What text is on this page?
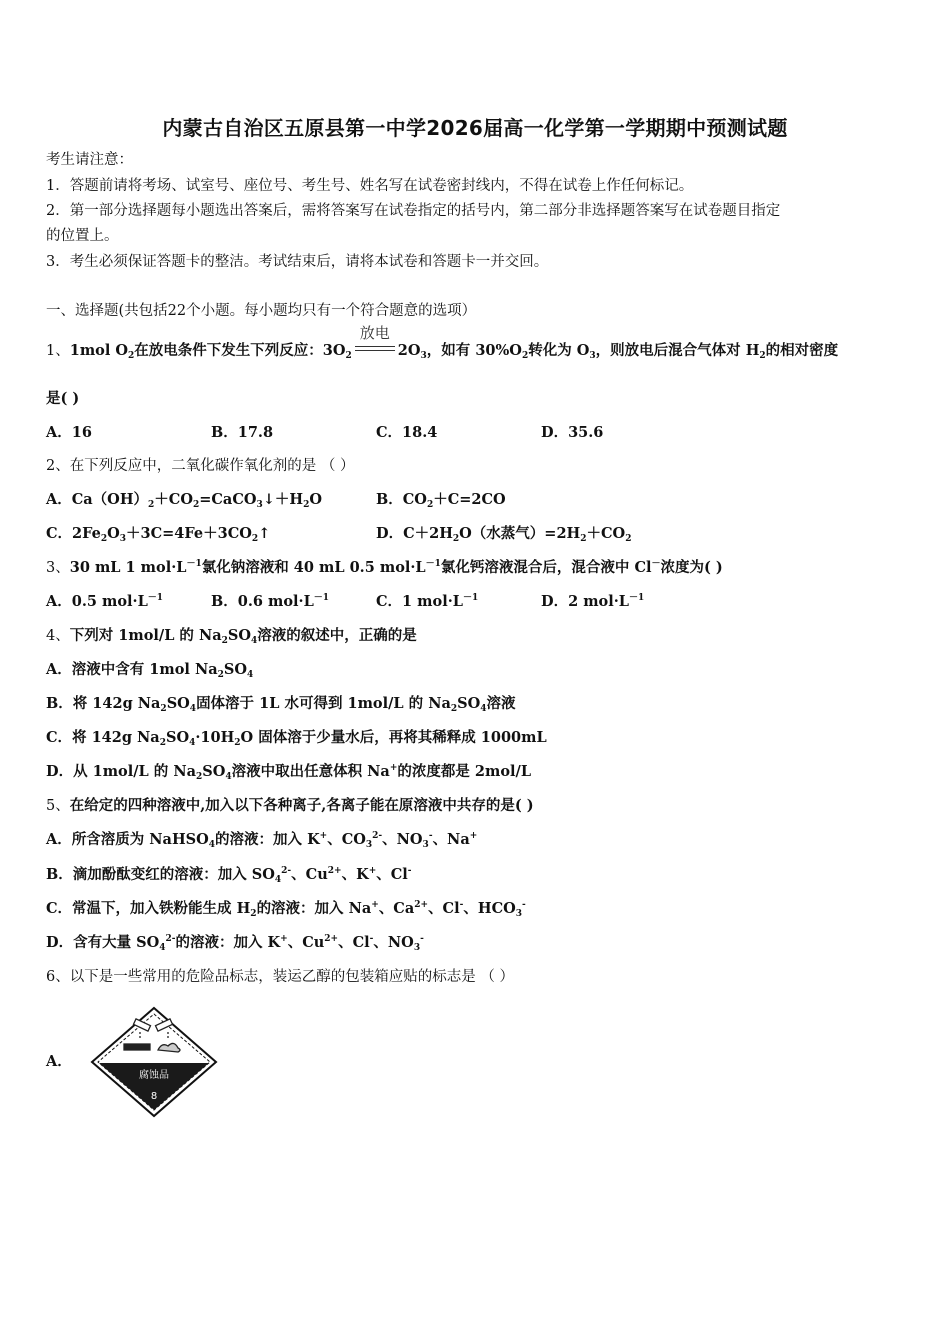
内蒙古自治区五原县第一中学2026届高一化学第一学期期中预测试题
考生请注意：
1．答题前请将考场、试室号、座位号、考生号、姓名写在试卷密封线内，不得在试卷上作任何标记。
2．第一部分选择题每小题选出答案后，需将答案写在试卷指定的括号内，第二部分非选择题答案写在试卷题目指定
的位置上。
3．考生必须保证答题卡的整洁。考试结束后，请将本试卷和答题卡一并交回。
一、选择题(共包括22个小题。每小题均只有一个符合题意的选项）
1、1mol $O_2$在放电条件下发生下列反应：$3O_2$
放电
$2O_3$，如有 $30\%O_2$转化为 $O_3$，则放电后混合气体对 $H_2$的相对密度
是( )
A．16	B．17.8	C．18.4	D．35.6
2、在下列反应中，二氧化碳作氧化剂的是 （ ）
A．$Ca(OH)_2+CO_2=CaCO_3↓+H_2O$	B．$CO_2+C=2CO$
C．$2Fe_2O_3+3C=4Fe+3CO_2↑$	D．$C+2H_2O$（水蒸气）$=2H_2+CO_2$
3、30 mL 1 $mol\cdot L^{-1}$氯化钠溶液和 40 mL 0.5 $mol\cdot L^{-1}$氯化钙溶液混合后，混合液中 Cl－浓度为( )
A．0.5 $mol\cdot L^{-1}$	B．0.6 $mol\cdot L^{-1}$	C．1 $mol\cdot L^{-1}$	D．2 $mol\cdot L^{-1}$
4、下列对 1mol/L 的 $Na_2SO_4$溶液的叙述中，正确的是
A．溶液中含有 1mol $Na_2SO_4$
B．将 142g $Na_2SO_4$固体溶于 1L 水可得到 1mol/L 的 $Na_2SO_4$溶液
C．将 142g $Na_2SO_4\cdot 10H_2O$ 固体溶于少量水后，再将其稀释成 1000mL
D．从 1mol/L 的 $Na_2SO_4$溶液中取出任意体积 Na+的浓度都是 2mol/L
5、在给定的四种溶液中,加入以下各种离子,各离子能在原溶液中共存的是( )
A．所含溶质为 NaHSO$_4$的溶液：加入 K+、$CO_3^{2-}$、$NO_3^-$、Na+
B．滴加酚酞变红的溶液：加入 $SO_4^{2-}$、$Cu^{2+}$、K+、Cl-
C．常温下，加入铁粉能生成 $H_2$的溶液：加入 Na+、$Ca^{2+}$、Cl-、$HCO_3^-$
D．含有大量 $SO_4^{2-}$的溶液：加入 K+、$Cu^{2+}$、Cl-、$NO_3^-$
6、以下是一些常用的危险品标志，装运乙醇的包装箱应贴的标志是 （ ）
A．
腐蚀品
8
